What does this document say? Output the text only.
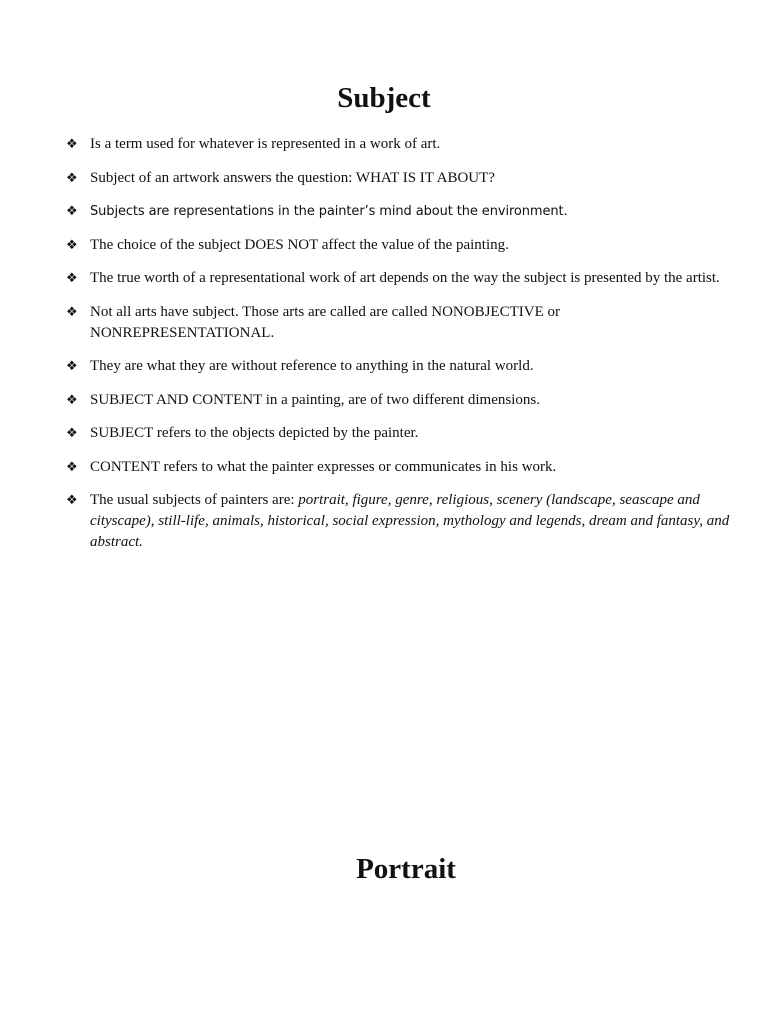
Subject
❖ Is a term used for whatever is represented in a work of art.
❖ Subject of an artwork answers the question: WHAT IS IT ABOUT?
❖ Subjects are representations in the painter’s mind about the environment.
❖ The choice of the subject DOES NOT affect the value of the painting.
❖ The true worth of a representational work of art depends on the way the subject is presented by the artist.
❖ Not all arts have subject. Those arts are called are called NONOBJECTIVE or NONREPRESENTATIONAL.
❖ They are what they are without reference to anything in the natural world.
❖ SUBJECT AND CONTENT in a painting, are of two different dimensions.
❖ SUBJECT refers to the objects depicted by the painter.
❖ CONTENT refers to what the painter expresses or communicates in his work.
❖ The usual subjects of painters are: portrait, figure, genre, religious, scenery (landscape, seascape and cityscape), still-life, animals, historical, social expression, mythology and legends, dream and fantasy, and abstract.
Portrait
